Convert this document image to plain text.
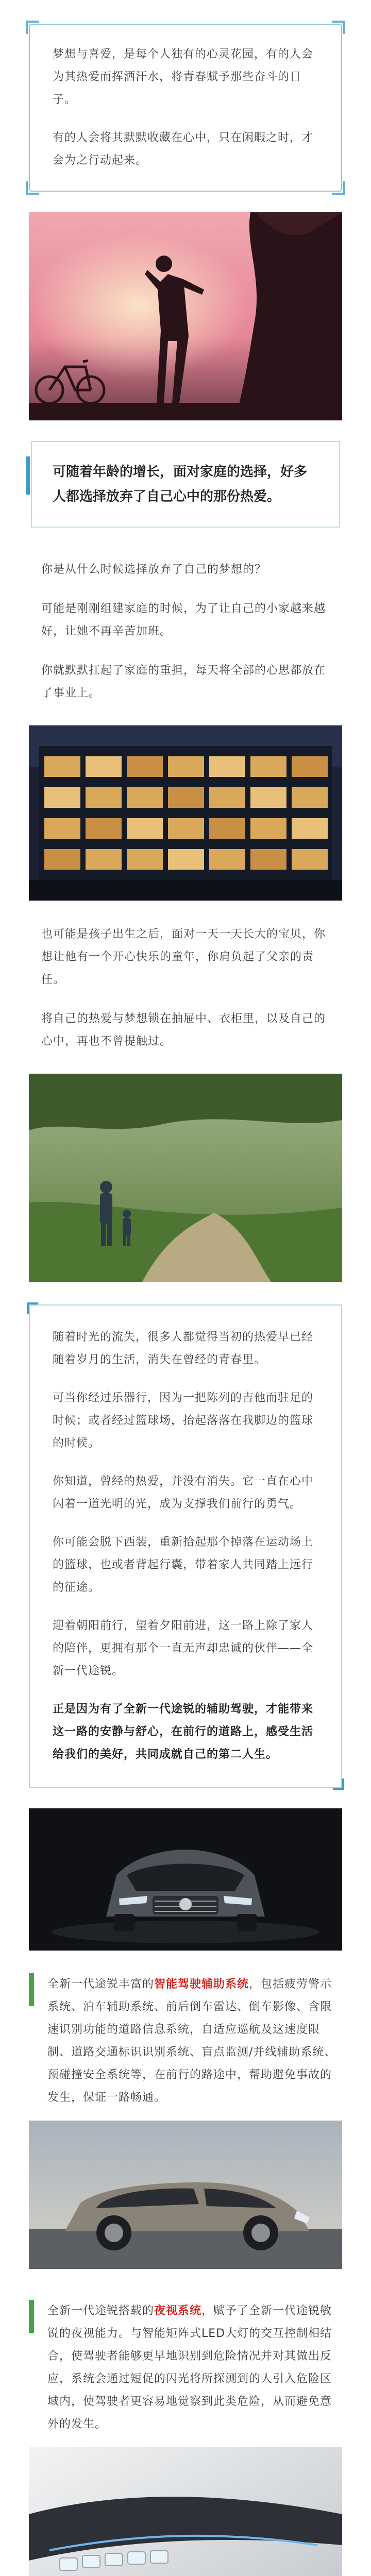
梦想与喜爱，是每个人独有的心灵花园，有的人会为其热爱而挥洒汗水，将青春赋予那些奋斗的日子。

有的人会将其默默收藏在心中，只在闲暇之时，才会为之行动起来。

可随着年龄的增长，面对家庭的选择，好多人都选择放弃了自己心中的那份热爱。

你是从什么时候选择放弃了自己的梦想的？

可能是刚刚组建家庭的时候，为了让自己的小家越来越好，让她不再辛苦加班。

你就默默扛起了家庭的重担，每天将全部的心思都放在了事业上。

也可能是孩子出生之后，面对一天一天长大的宝贝，你想让他有一个开心快乐的童年，你肩负起了父亲的责任。

将自己的热爱与梦想锁在抽屉中、衣柜里，以及自己的心中，再也不曾提触过。

随着时光的流失，很多人都觉得当初的热爱早已经随着岁月的生活，消失在曾经的青春里。

可当你经过乐器行，因为一把陈列的吉他而驻足的时候；或者经过篮球场，抬起落落在我脚边的篮球的时候。

你知道，曾经的热爱，并没有消失。它一直在心中闪着一道光明的光，成为支撑我们前行的勇气。

你可能会脱下西装，重新拾起那个掉落在运动场上的篮球，也或者背起行囊，带着家人共同踏上远行的征途。

迎着朝阳前行，望着夕阳前进，这一路上除了家人的陪伴，更拥有那个一直无声却忠诚的伙伴——全新一代途锐。

正是因为有了全新一代途锐的辅助驾驶，才能带来这一路的安静与舒心，在前行的道路上，感受生活给我们的美好，共同成就自己的第二人生。

全新一代途锐丰富的智能驾驶辅助系统，包括疲劳警示系统、泊车辅助系统、前后倒车雷达、倒车影像、含限速识别功能的道路信息系统，自适应巡航及这速度限制、道路交通标识识别系统、盲点监测/并线辅助系统、预碰撞安全系统等，在前行的路途中，帮助避免事故的发生，保证一路畅通。

全新一代途锐搭载的夜视系统，赋予了全新一代途锐敏锐的夜视能力。与智能矩阵式LED大灯的交互控制相结合，使驾驶者能够更早地识别到危险情况并对其做出反应，系统会通过短促的闪光将所探测到的人引入危险区域内，使驾驶者更容易地觉察到此类危险，从而避免意外的发生。
